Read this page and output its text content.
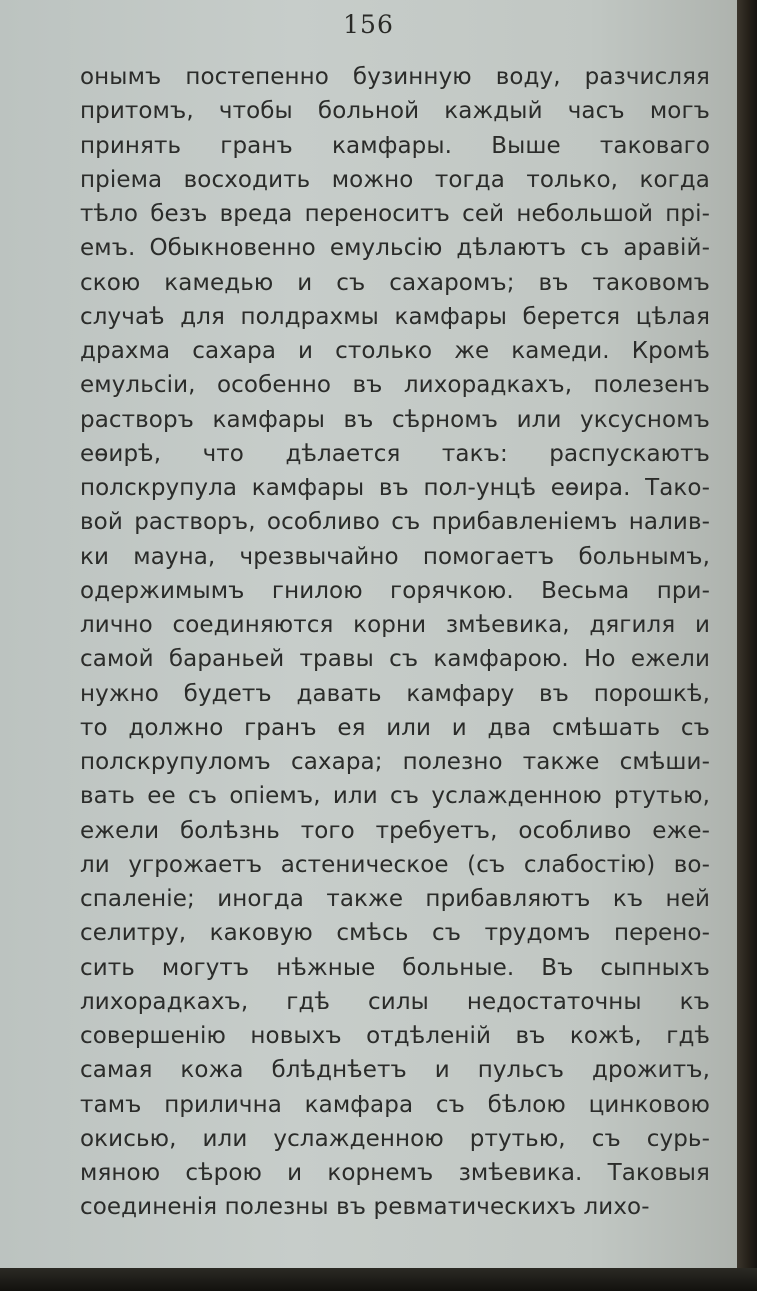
156
онымъ постепенно бузинную воду, разчисляя
притомъ, чтобы больной каждый часъ могъ
принять гранъ камфары. Выше таковаго
пріема восходить можно тогда только, когда
тѣло безъ вреда переноситъ сей небольшой прі-
емъ. Обыкновенно емульсію дѣлаютъ съ аравій-
скою камедью и съ сахаромъ; въ таковомъ
случаѣ для полдрахмы камфары берется цѣлая
драхма сахара и столько же камеди. Кромѣ
емульсіи, особенно въ лихорадкахъ, полезенъ
растворъ камфары въ сѣрномъ или уксусномъ
еѳирѣ, что дѣлается такъ: распускаютъ
полскрупула камфары въ пол-унцѣ еѳира. Тако-
вой растворъ, особливо съ прибавленіемъ налив-
ки мауна, чрезвычайно помогаетъ больнымъ,
одержимымъ гнилою горячкою. Весьма при-
лично соединяются корни змѣевика, дягиля и
самой бараньей травы съ камфарою. Но ежели
нужно будетъ давать камфару въ порошкѣ,
то должно гранъ ея или и два смѣшать съ
полскрупуломъ сахара; полезно также смѣши-
вать ее съ опіемъ, или съ услажденною ртутью,
ежели болѣзнь того требуетъ, особливо еже-
ли угрожаетъ астеническое (съ слабостію) во-
спаленіе; иногда также прибавляютъ къ ней
селитру, каковую смѣсь съ трудомъ перено-
сить могутъ нѣжные больные. Въ сыпныхъ
лихорадкахъ, гдѣ силы недостаточны къ
совершенію новыхъ отдѣленій въ кожѣ, гдѣ
самая кожа блѣднѣетъ и пульсъ дрожитъ,
тамъ прилична камфара съ бѣлою цинковою
окисью, или услажденною ртутью, съ сурь-
мяною сѣрою и корнемъ змѣевика. Таковыя
соединенія полезны въ ревматическихъ лихо-
